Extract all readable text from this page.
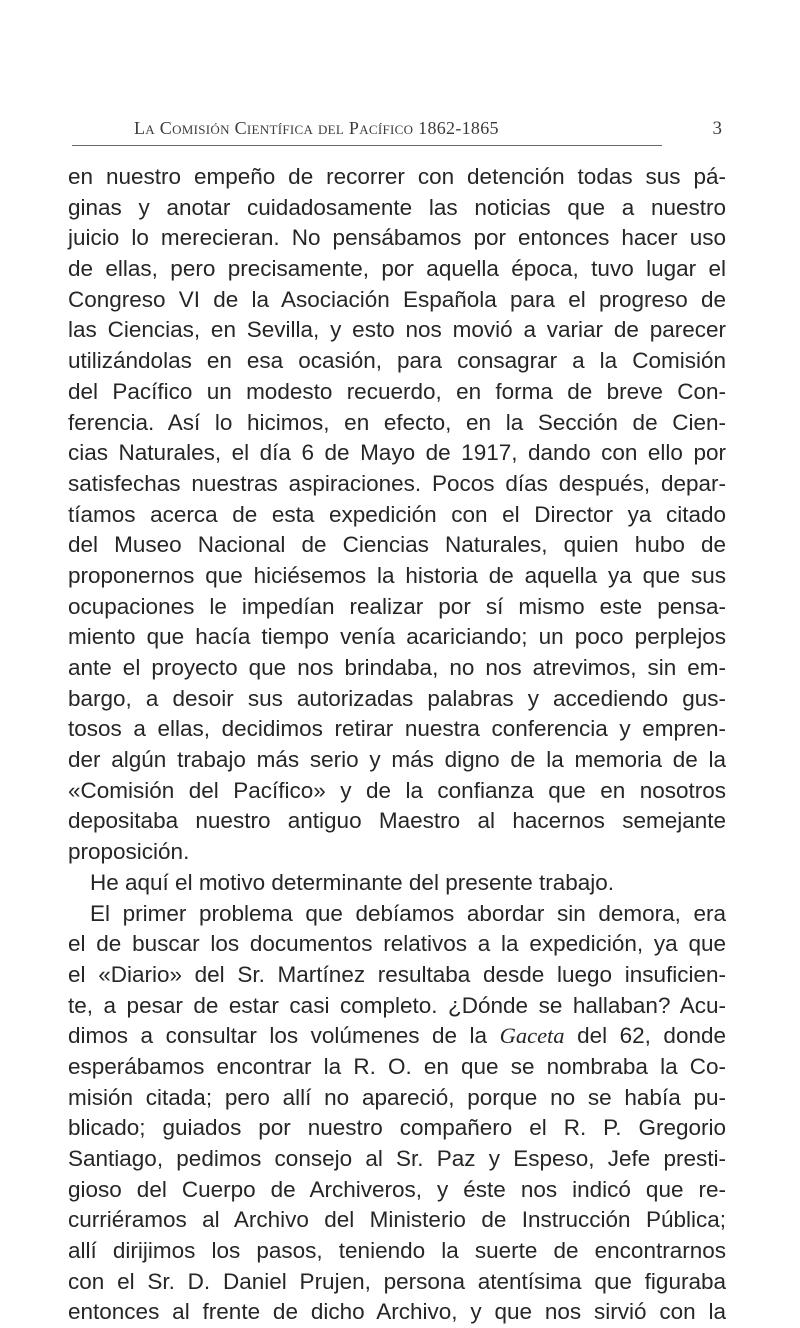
La Comisión Científica del Pacífico 1862-1865	3
en nuestro empeño de recorrer con detención todas sus pá-
ginas y anotar cuidadosamente las noticias que a nuestro
juicio lo merecieran. No pensábamos por entonces hacer uso
de ellas, pero precisamente, por aquella época, tuvo lugar el
Congreso VI de la Asociación Española para el progreso de
las Ciencias, en Sevilla, y esto nos movió a variar de parecer
utilizándolas en esa ocasión, para consagrar a la Comisión
del Pacífico un modesto recuerdo, en forma de breve Con-
ferencia. Así lo hicimos, en efecto, en la Sección de Cien-
cias Naturales, el día 6 de Mayo de 1917, dando con ello por
satisfechas nuestras aspiraciones. Pocos días después, depar-
tíamos acerca de esta expedición con el Director ya citado
del Museo Nacional de Ciencias Naturales, quien hubo de
proponernos que hiciésemos la historia de aquella ya que sus
ocupaciones le impedían realizar por sí mismo este pensa-
miento que hacía tiempo venía acariciando; un poco perplejos
ante el proyecto que nos brindaba, no nos atrevimos, sin em-
bargo, a desoir sus autorizadas palabras y accediendo gus-
tosos a ellas, decidimos retirar nuestra conferencia y empren-
der algún trabajo más serio y más digno de la memoria de la
«Comisión del Pacífico» y de la confianza que en nosotros
depositaba nuestro antiguo Maestro al hacernos semejante
proposición.
He aquí el motivo determinante del presente trabajo.
El primer problema que debíamos abordar sin demora, era
el de buscar los documentos relativos a la expedición, ya que
el «Diario» del Sr. Martínez resultaba desde luego insuficien-
te, a pesar de estar casi completo. ¿Dónde se hallaban? Acu-
dimos a consultar los volúmenes de la Gaceta del 62, donde
esperábamos encontrar la R. O. en que se nombraba la Co-
misión citada; pero allí no apareció, porque no se había pu-
blicado; guiados por nuestro compañero el R. P. Gregorio
Santiago, pedimos consejo al Sr. Paz y Espeso, Jefe presti-
gioso del Cuerpo de Archiveros, y éste nos indicó que re-
curriéramos al Archivo del Ministerio de Instrucción Pública;
allí dirijimos los pasos, teniendo la suerte de encontrarnos
con el Sr. D. Daniel Prujen, persona atentísima que figuraba
entonces al frente de dicho Archivo, y que nos sirvió con la
